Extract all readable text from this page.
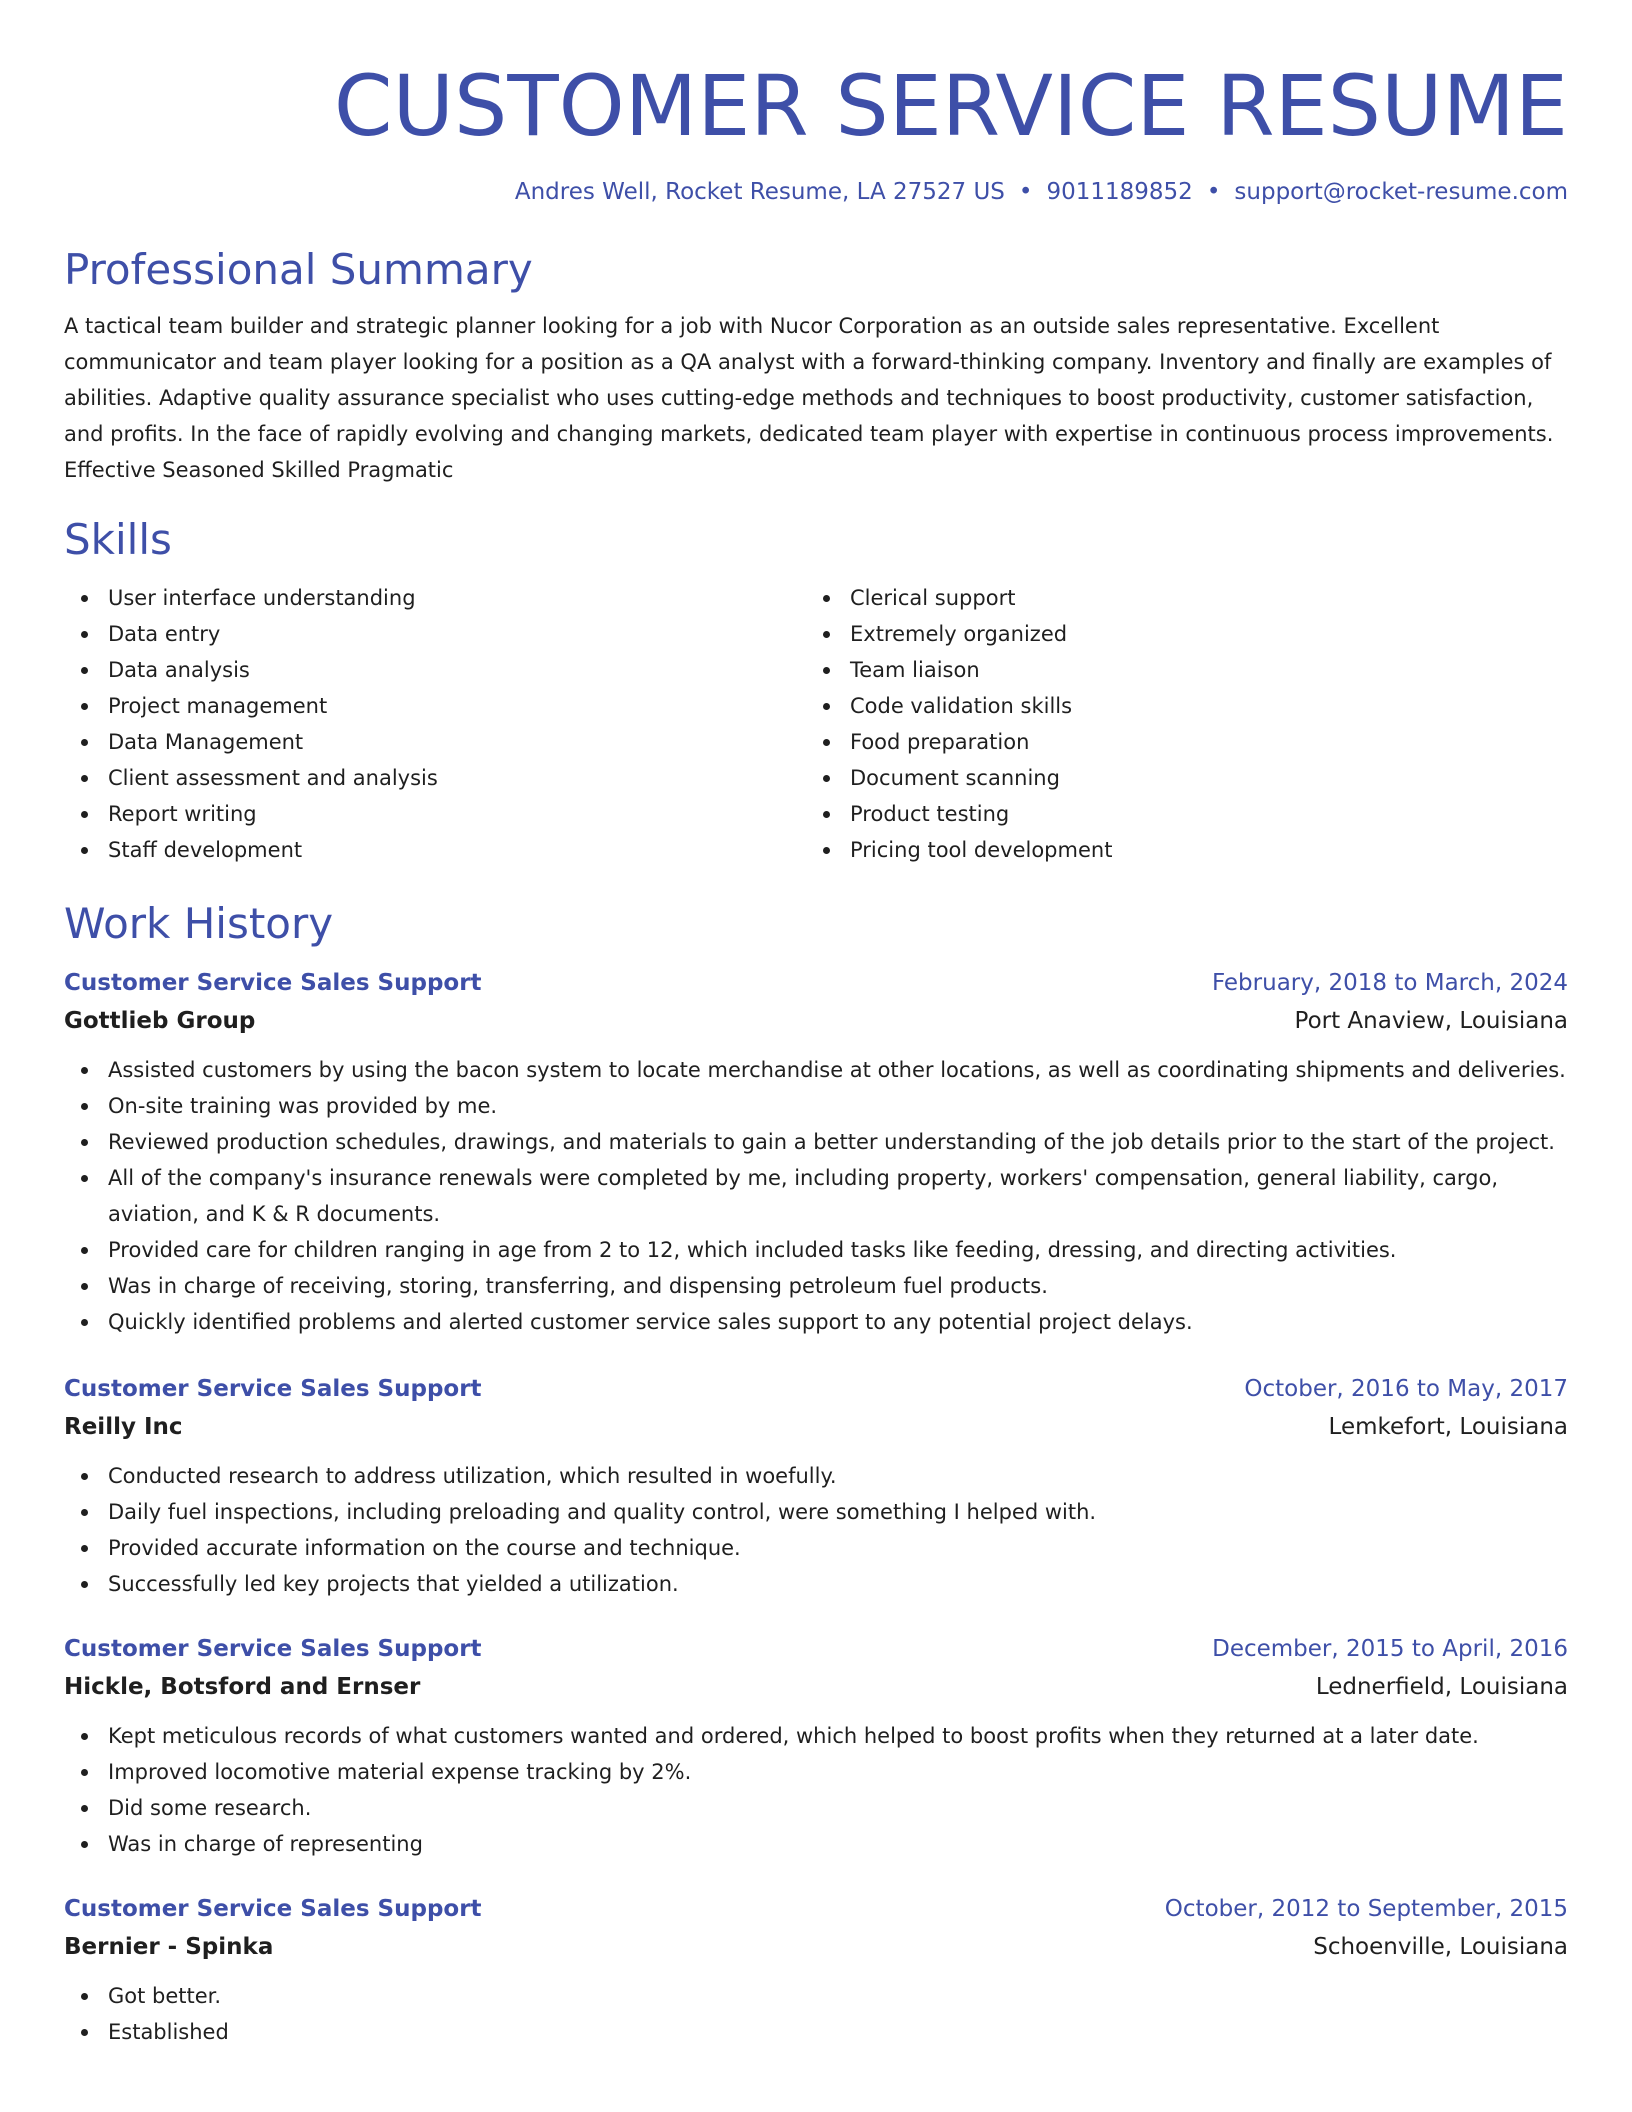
CUSTOMER SERVICE RESUME
Andres Well, Rocket Resume, LA 27527 US • 9011189852 • support@rocket-resume.com
Professional Summary
A tactical team builder and strategic planner looking for a job with Nucor Corporation as an outside sales representative. Excellent communicator and team player looking for a position as a QA analyst with a forward-thinking company. Inventory and finally are examples of abilities. Adaptive quality assurance specialist who uses cutting-edge methods and techniques to boost productivity, customer satisfaction, and profits. In the face of rapidly evolving and changing markets, dedicated team player with expertise in continuous process improvements. Effective Seasoned Skilled Pragmatic
Skills
User interface understanding
Data entry
Data analysis
Project management
Data Management
Client assessment and analysis
Report writing
Staff development
Clerical support
Extremely organized
Team liaison
Code validation skills
Food preparation
Document scanning
Product testing
Pricing tool development
Work History
Customer Service Sales Support	February, 2018 to March, 2024
Gottlieb Group	Port Anaview, Louisiana
Assisted customers by using the bacon system to locate merchandise at other locations, as well as coordinating shipments and deliveries.
On-site training was provided by me.
Reviewed production schedules, drawings, and materials to gain a better understanding of the job details prior to the start of the project.
All of the company's insurance renewals were completed by me, including property, workers' compensation, general liability, cargo, aviation, and K & R documents.
Provided care for children ranging in age from 2 to 12, which included tasks like feeding, dressing, and directing activities.
Was in charge of receiving, storing, transferring, and dispensing petroleum fuel products.
Quickly identified problems and alerted customer service sales support to any potential project delays.
Customer Service Sales Support	October, 2016 to May, 2017
Reilly Inc	Lemkefort, Louisiana
Conducted research to address utilization, which resulted in woefully.
Daily fuel inspections, including preloading and quality control, were something I helped with.
Provided accurate information on the course and technique.
Successfully led key projects that yielded a utilization.
Customer Service Sales Support	December, 2015 to April, 2016
Hickle, Botsford and Ernser	Lednerfield, Louisiana
Kept meticulous records of what customers wanted and ordered, which helped to boost profits when they returned at a later date.
Improved locomotive material expense tracking by 2%.
Did some research.
Was in charge of representing
Customer Service Sales Support	October, 2012 to September, 2015
Bernier - Spinka	Schoenville, Louisiana
Got better.
Established
